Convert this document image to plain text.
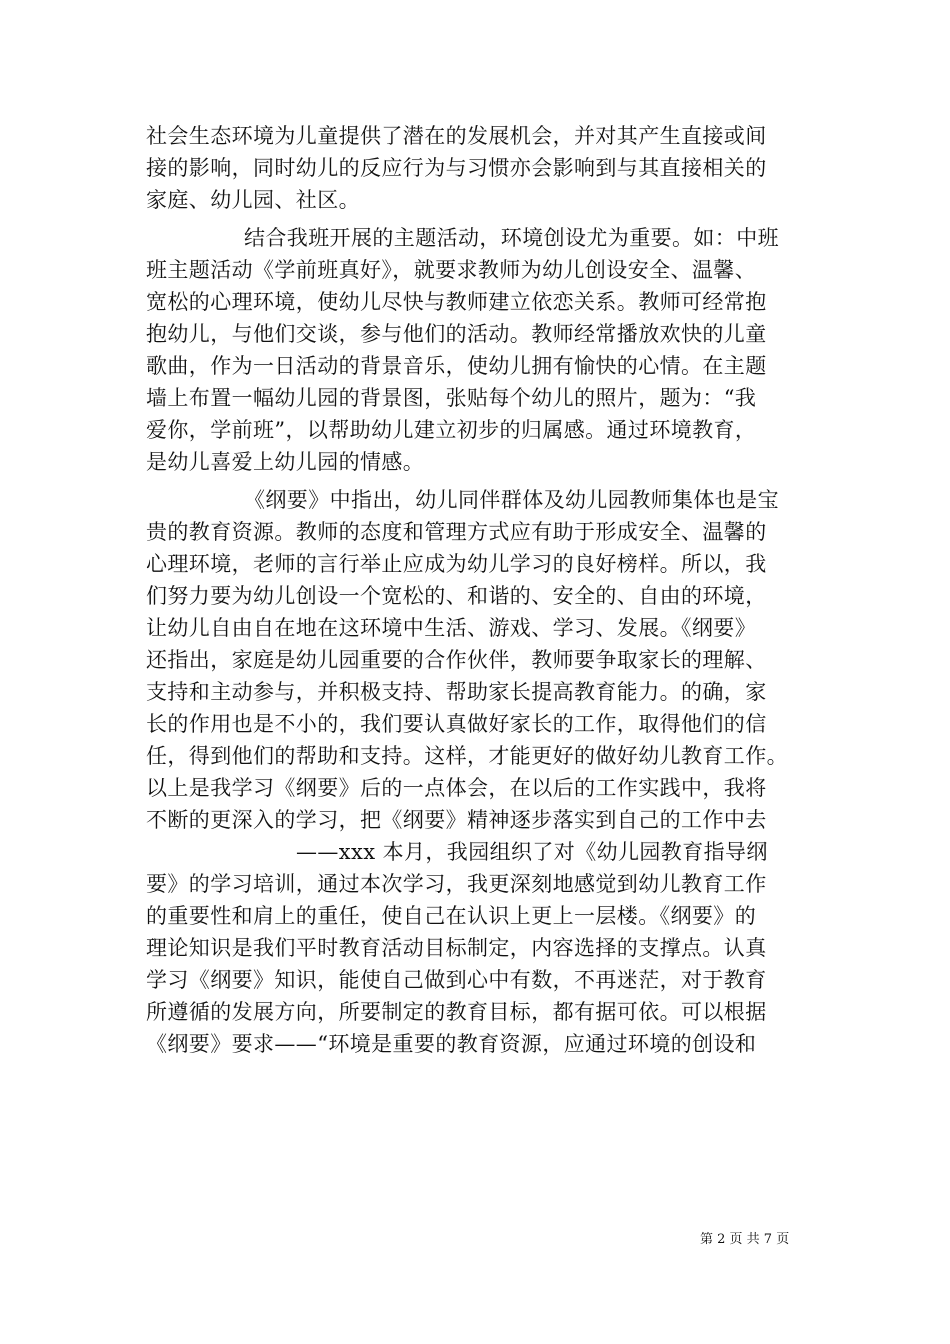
社会生态环境为儿童提供了潜在的发展机会，并对其产生直接或间
接的影响，同时幼儿的反应行为与习惯亦会影响到与其直接相关的
家庭、幼儿园、社区。
结合我班开展的主题活动，环境创设尤为重要。如：中班
班主题活动《学前班真好》，就要求教师为幼儿创设安全、温馨、
宽松的心理环境，使幼儿尽快与教师建立依恋关系。教师可经常抱
抱幼儿，与他们交谈，参与他们的活动。教师经常播放欢快的儿童
歌曲，作为一日活动的背景音乐，使幼儿拥有愉快的心情。在主题
墙上布置一幅幼儿园的背景图，张贴每个幼儿的照片，题为：“我
爱你，学前班”，以帮助幼儿建立初步的归属感。通过环境教育，
是幼儿喜爱上幼儿园的情感。
《纲要》中指出，幼儿同伴群体及幼儿园教师集体也是宝
贵的教育资源。教师的态度和管理方式应有助于形成安全、温馨的
心理环境，老师的言行举止应成为幼儿学习的良好榜样。所以，我
们努力要为幼儿创设一个宽松的、和谐的、安全的、自由的环境，
让幼儿自由自在地在这环境中生活、游戏、学习、发展。《纲要》
还指出，家庭是幼儿园重要的合作伙伴，教师要争取家长的理解、
支持和主动参与，并积极支持、帮助家长提高教育能力。的确，家
长的作用也是不小的，我们要认真做好家长的工作，取得他们的信
任，得到他们的帮助和支持。这样，才能更好的做好幼儿教育工作。
以上是我学习《纲要》后的一点体会，在以后的工作实践中，我将
不断的更深入的学习，把《纲要》精神逐步落实到自己的工作中去
——xxx 本月，我园组织了对《幼儿园教育指导纲
要》的学习培训，通过本次学习，我更深刻地感觉到幼儿教育工作
的重要性和肩上的重任，使自己在认识上更上一层楼。《纲要》的
理论知识是我们平时教育活动目标制定，内容选择的支撑点。认真
学习《纲要》知识，能使自己做到心中有数，不再迷茫，对于教育
所遵循的发展方向，所要制定的教育目标，都有据可依。可以根据
《纲要》要求——“环境是重要的教育资源，应通过环境的创设和
第 2 页 共 7 页
